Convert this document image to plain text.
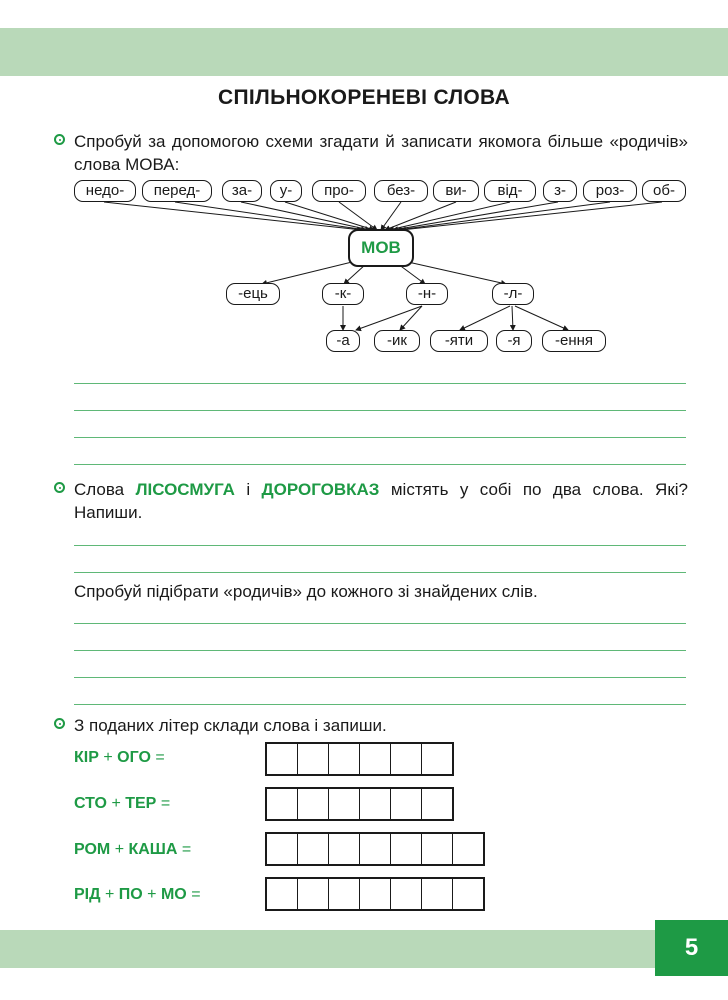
СПІЛЬНОКОРЕНЕВІ СЛОВА

Спробуй за допомогою схеми згадати й записати якомога більше «родичів» слова МОВА:

недо-	перед-	за-	у-	про-	без-	ви-	від-	з-	роз-	об-
МОВ
-ець	-к-	-н-	-л-
-а	-ик	-яти	-я	-ення

Слова ЛІСОСМУГА і ДОРОГОВКАЗ містять у собі по два слова. Які? Напиши.

Спробуй підібрати «родичів» до кожного зі знайдених слів.

З поданих літер склади слова і запиши.

КІР + ОГО =
СТО + ТЕР =
РОМ + КАША =
РІД + ПО + МО =
5
